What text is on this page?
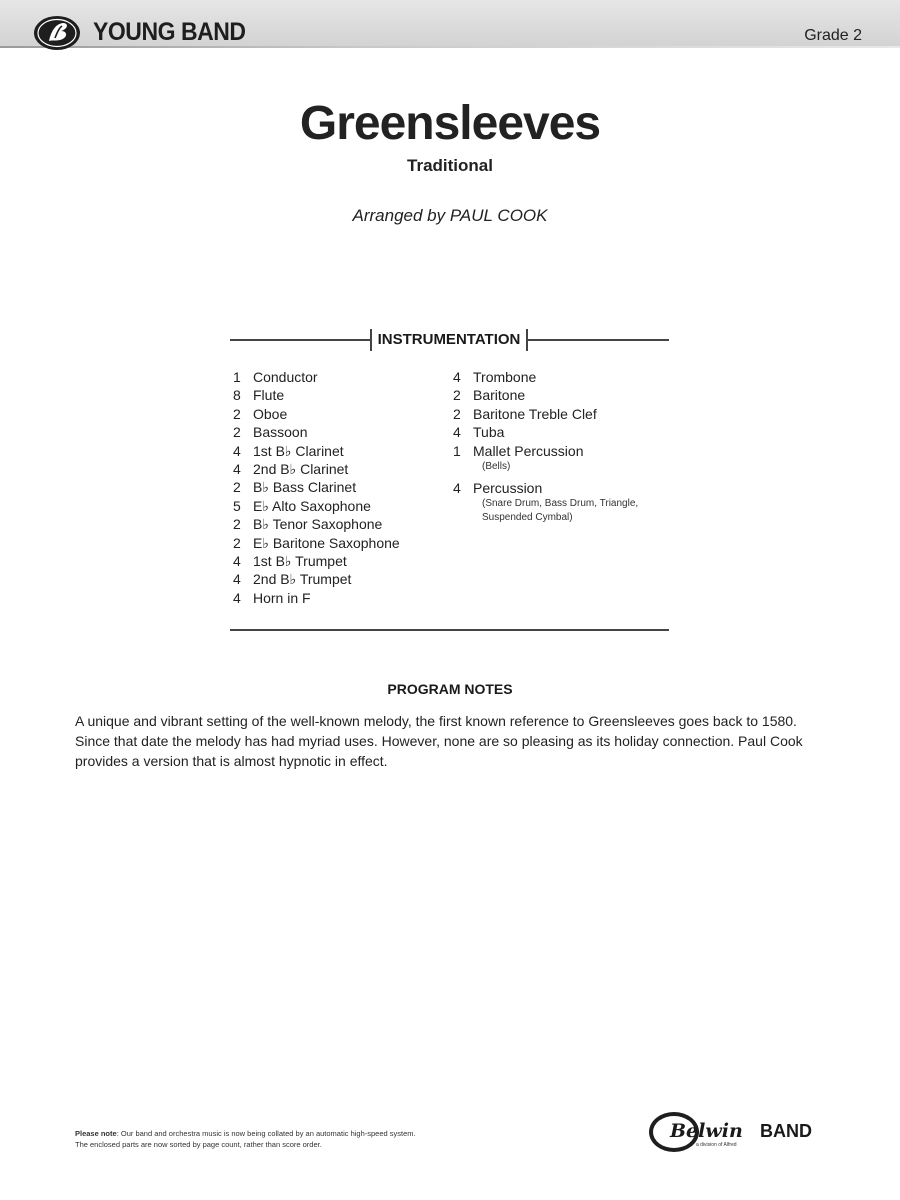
YOUNG BAND	Grade 2
Greensleeves
Traditional
Arranged by PAUL COOK
INSTRUMENTATION
1 Conductor
8 Flute
2 Oboe
2 Bassoon
4 1st B♭ Clarinet
4 2nd B♭ Clarinet
2 B♭ Bass Clarinet
5 E♭ Alto Saxophone
2 B♭ Tenor Saxophone
2 E♭ Baritone Saxophone
4 1st B♭ Trumpet
4 2nd B♭ Trumpet
4 Horn in F
4 Trombone
2 Baritone
2 Baritone Treble Clef
4 Tuba
1 Mallet Percussion
(Bells)
4 Percussion
(Snare Drum, Bass Drum, Triangle,
Suspended Cymbal)
PROGRAM NOTES
A unique and vibrant setting of the well-known melody, the first known reference to Greensleeves goes back to 1580. Since that date the melody has had myriad uses. However, none are so pleasing as its holiday connection. Paul Cook provides a version that is almost hypnotic in effect.
Please note: Our band and orchestra music is now being collated by an automatic high-speed system.
The enclosed parts are now sorted by page count, rather than score order.
Belwin BAND
a division of Alfred
